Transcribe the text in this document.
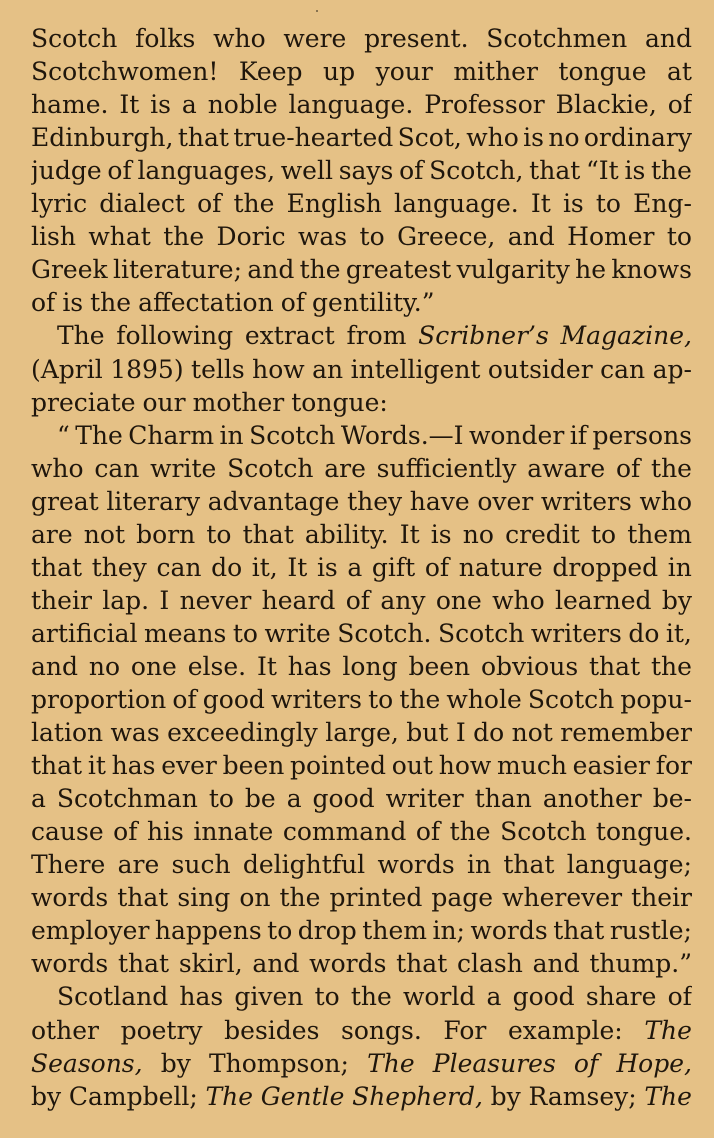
Scotch folks who were present. Scotchmen and
Scotchwomen! Keep up your mither tongue at
hame. It is a noble language. Professor Blackie, of
Edinburgh, that true-hearted Scot, who is no ordinary
judge of languages, well says of Scotch, that “It is the
lyric dialect of the English language. It is to Eng-
lish what the Doric was to Greece, and Homer to
Greek literature; and the greatest vulgarity he knows
of is the affectation of gentility.”
The following extract from Scribner’s Magazine,
(April 1895) tells how an intelligent outsider can ap-
preciate our mother tongue:
“ The Charm in Scotch Words.—I wonder if persons
who can write Scotch are sufficiently aware of the
great literary advantage they have over writers who
are not born to that ability. It is no credit to them
that they can do it, It is a gift of nature dropped in
their lap. I never heard of any one who learned by
artificial means to write Scotch. Scotch writers do it,
and no one else. It has long been obvious that the
proportion of good writers to the whole Scotch popu-
lation was exceedingly large, but I do not remember
that it has ever been pointed out how much easier for
a Scotchman to be a good writer than another be-
cause of his innate command of the Scotch tongue.
There are such delightful words in that language;
words that sing on the printed page wherever their
employer happens to drop them in; words that rustle;
words that skirl, and words that clash and thump.”
Scotland has given to the world a good share of
other poetry besides songs. For example: The
Seasons, by Thompson; The Pleasures of Hope,
by Campbell; The Gentle Shepherd, by Ramsey; The
